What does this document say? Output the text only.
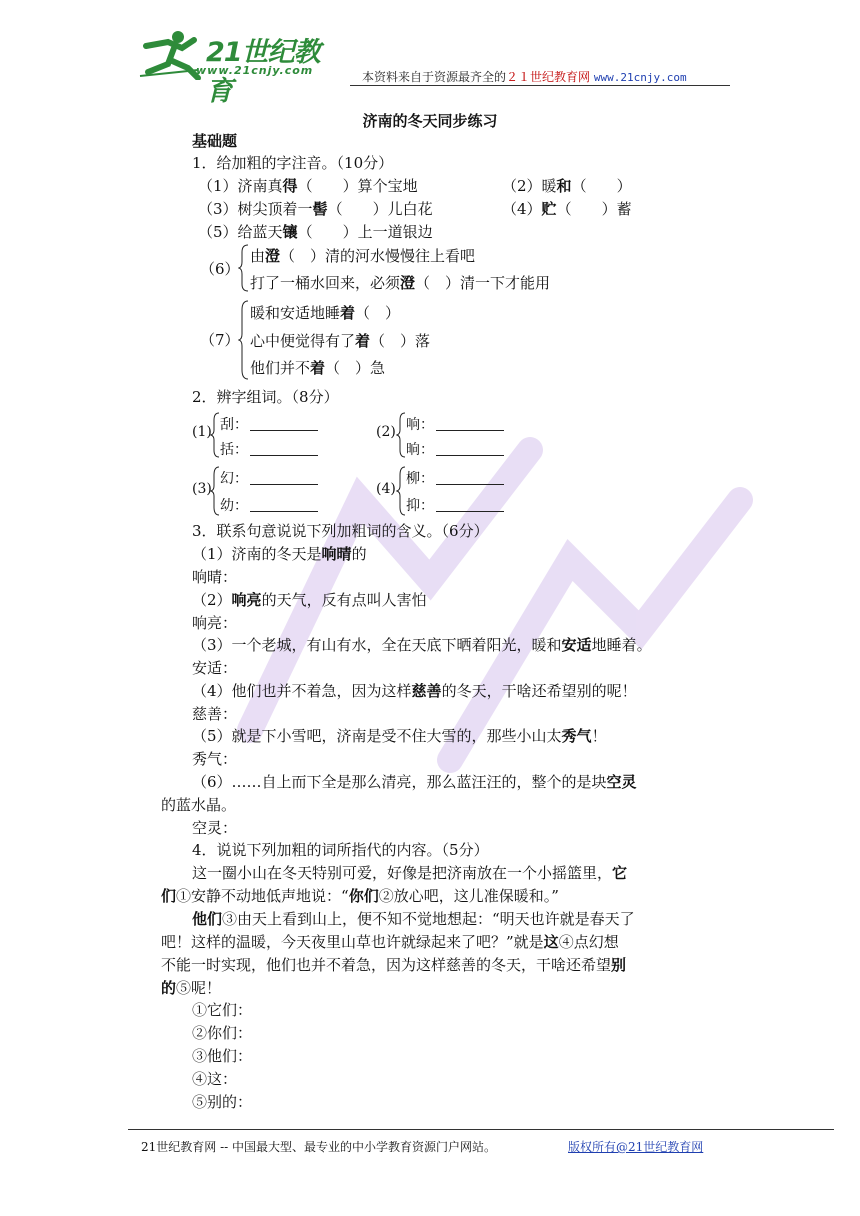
21世纪教育
www.21cnjy.com	本资料来自于资源最齐全的２１世纪教育网 www.21cnjy.com
济南的冬天同步练习
基础题
1．给加粗的字注音。（10分）
（1）济南真得（　　）算个宝地	（2）暖和（　　）
（3）树尖顶着一髻（　　）儿白花	（4）贮（　　）蓄
（5）给蓝天镶（　　）上一道银边
（6）
由澄（　）清的河水慢慢往上看吧
打了一桶水回来，必须澄（　）清一下才能用
（7）
暖和安适地睡着（　）
心中便觉得有了着（　）落
他们并不着（　）急
2．辨字组词。（8分）
(1) 刮：
括：
(2) 响：
晌：
(3)
幻：
幼：
(4)
柳：
抑：
3．联系句意说说下列加粗词的含义。（6分）
（1）济南的冬天是响晴的
响晴：
（2）响亮的天气，反有点叫人害怕
响亮：
（3）一个老城，有山有水，全在天底下晒着阳光，暖和安适地睡着。
安适：
（4）他们也并不着急，因为这样慈善的冬天，干啥还希望别的呢！
慈善：
（5）就是下小雪吧，济南是受不住大雪的，那些小山太秀气！
秀气：
（6）……自上而下全是那么清亮，那么蓝汪汪的，整个的是块空灵
的蓝水晶。
空灵：
4．说说下列加粗的词所指代的内容。（5分）
这一圈小山在冬天特别可爱，好像是把济南放在一个小摇篮里，它
们①安静不动地低声地说：“你们②放心吧，这儿准保暖和。”
他们③由天上看到山上，便不知不觉地想起：“明天也许就是春天了
吧！这样的温暖，今天夜里山草也许就绿起来了吧？”就是这④点幻想
不能一时实现，他们也并不着急，因为这样慈善的冬天，干啥还希望别
的⑤呢！
①它们：
②你们：
③他们：
④这：
⑤别的：
21世纪教育网 -- 中国最大型、最专业的中小学教育资源门户网站。	版权所有@21世纪教育网
